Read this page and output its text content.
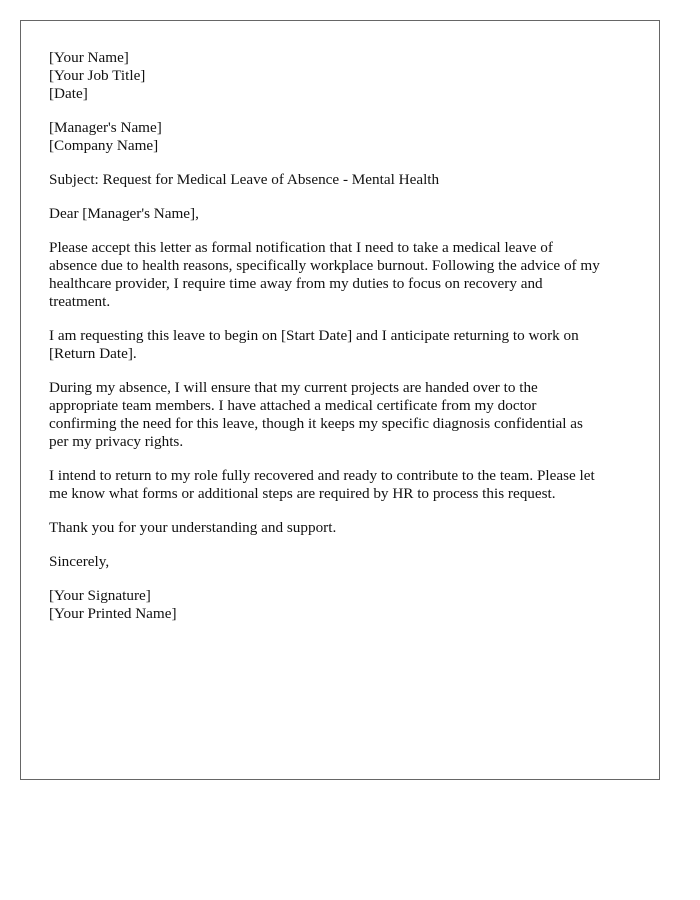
[Your Name]
[Your Job Title]
[Date]
[Manager's Name]
[Company Name]
Subject: Request for Medical Leave of Absence - Mental Health
Dear [Manager's Name],
Please accept this letter as formal notification that I need to take a medical leave of
absence due to health reasons, specifically workplace burnout. Following the advice of my
healthcare provider, I require time away from my duties to focus on recovery and
treatment.
I am requesting this leave to begin on [Start Date] and I anticipate returning to work on
[Return Date].
During my absence, I will ensure that my current projects are handed over to the
appropriate team members. I have attached a medical certificate from my doctor
confirming the need for this leave, though it keeps my specific diagnosis confidential as
per my privacy rights.
I intend to return to my role fully recovered and ready to contribute to the team. Please let
me know what forms or additional steps are required by HR to process this request.
Thank you for your understanding and support.
Sincerely,
[Your Signature]
[Your Printed Name]
